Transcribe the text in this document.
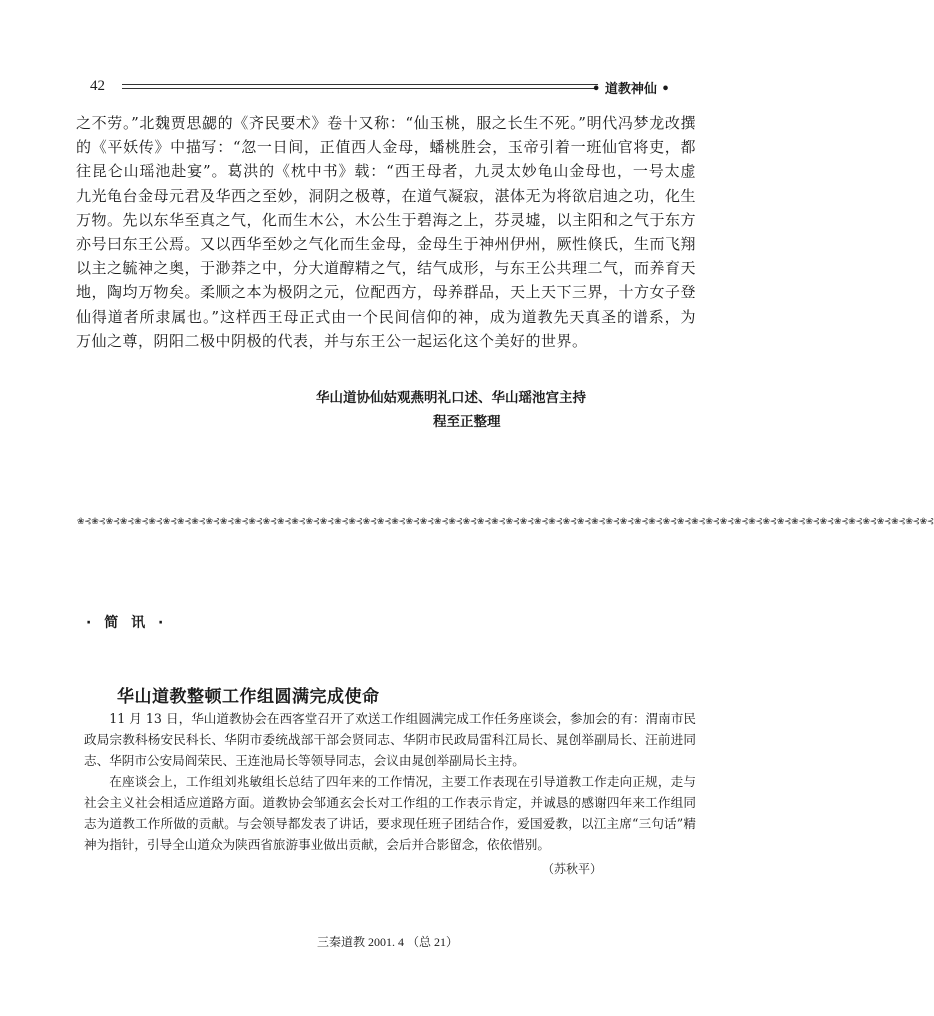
42	• 道教神仙 •
之不劳。”北魏贾思勰的《齐民要术》卷十又称：“仙玉桃，服之长生不死。”明代冯梦龙改撰的《平妖传》中描写：“忽一日间，正值西人金母，蟠桃胜会，玉帝引着一班仙官将吏，都往昆仑山瑶池赴宴”。葛洪的《枕中书》载：“西王母者，九灵太妙龟山金母也，一号太虚九光龟台金母元君及华西之至妙，洞阴之极尊，在道气凝寂，湛体无为将欲启迪之功，化生万物。先以东华至真之气，化而生木公，木公生于碧海之上，芬灵墟，以主阳和之气于东方亦号曰东王公焉。又以西华至妙之气化而生金母，金母生于神州伊州，厥性倏氏，生而飞翔以主之毓神之奥，于渺莽之中，分大道醇精之气，结气成形，与东王公共理二气，而养育天地，陶均万物矣。柔顺之本为极阴之元，位配西方，母养群品，天上天下三界，十方女子登仙得道者所隶属也。”这样西王母正式由一个民间信仰的神，成为道教先天真圣的谱系，为万仙之尊，阴阳二极中阴极的代表，并与东王公一起运化这个美好的世界。
华山道协仙姑观燕明礼口述、华山瑶池宫主持
程至正整理
❀⊰❀⊰❀⊰❀⊰❀⊰❀⊰❀⊰❀⊰❀⊰❀⊰❀⊰❀⊰❀⊰❀⊰❀⊰❀⊰❀⊰❀⊰❀⊰❀⊰❀⊰❀⊰❀⊰❀⊰❀⊰❀⊰❀⊰❀⊰❀⊰❀⊰❀⊰❀⊰❀⊰❀⊰❀⊰❀⊰❀⊰❀⊰❀⊰❀⊰❀⊰❀⊰❀⊰❀⊰❀⊰❀⊰❀⊰❀⊰❀⊰❀⊰❀⊰❀⊰❀⊰❀⊰❀⊰❀⊰❀⊰❀⊰❀⊰❀⊰
· 简 讯 ·
华山道教整顿工作组圆满完成使命

11 月 13 日，华山道教协会在西客堂召开了欢送工作组圆满完成工作任务座谈会，参加会的有：渭南市民政局宗教科杨安民科长、华阴市委统战部干部会贤同志、华阴市民政局雷科江局长、晁创举副局长、汪前进同志、华阴市公安局阎荣民、王连池局长等领导同志，会议由晁创举副局长主持。

在座谈会上，工作组刘兆敏组长总结了四年来的工作情况，主要工作表现在引导道教工作走向正规，走与社会主义社会相适应道路方面。道教协会邹通玄会长对工作组的工作表示肯定，并诚恳的感谢四年来工作组同志为道教工作所做的贡献。与会领导都发表了讲话，要求现任班子团结合作，爱国爱教，以江主席“三句话”精神为指针，引导全山道众为陕西省旅游事业做出贡献，会后并合影留念，依依惜别。

（苏秋平）
三秦道教 2001. 4 （总 21）
